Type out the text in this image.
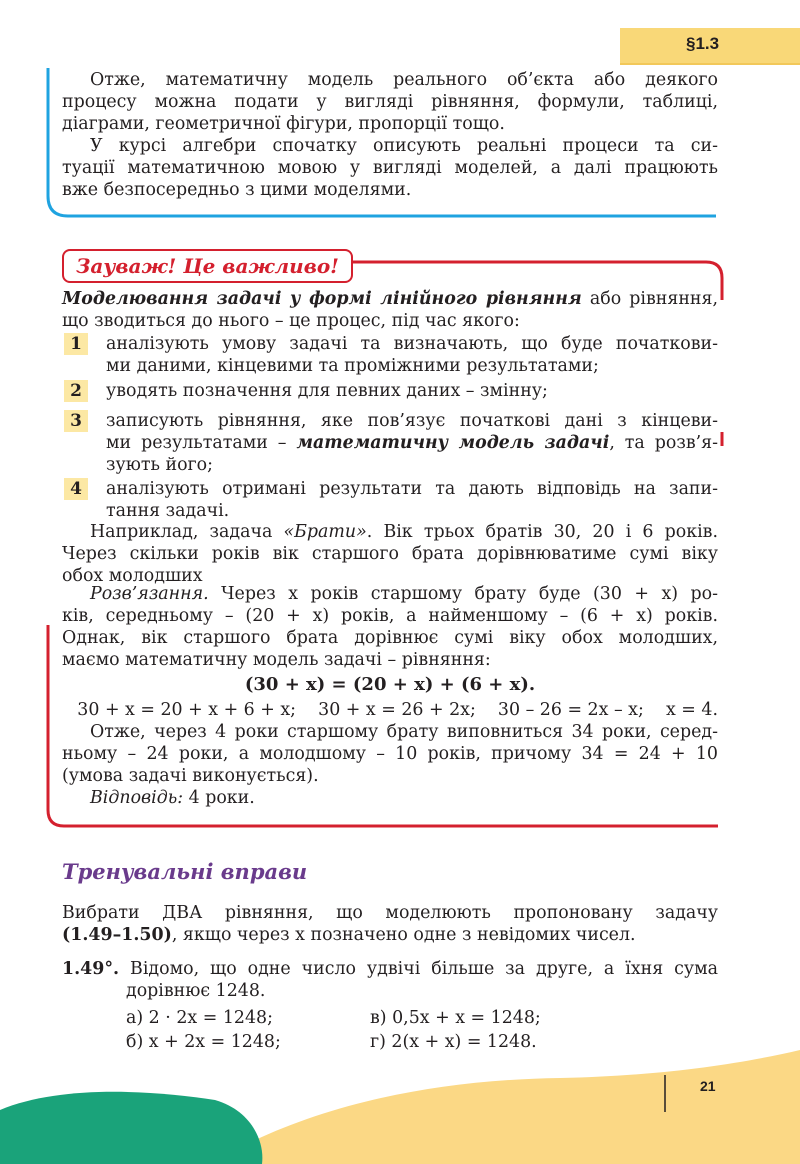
§1.3
Отже, математичну модель реального об’єкта або деякого
процесу можна подати у вигляді рівняння, формули, таблиці,
діаграми, геометричної фігури, пропорції тощо.
У курсі алгебри спочатку описують реальні процеси та си-
туації математичною мовою у вигляді моделей, а далі працюють
вже безпосередньо з цими моделями.
Зауваж! Це важливо!
Моделювання задачі у формі лінійного рівняння або рівняння,
що зводиться до нього – це процес, під час якого:
1	аналізують умову задачі та визначають, що буде початкови-
ми даними, кінцевими та проміжними результатами;
2	уводять позначення для певних даних – змінну;
3	записують рівняння, яке пов’язує початкові дані з кінцеви-
ми результатами – математичну модель задачі, та розв’я-
зують його;
4	аналізують отримані результати та дають відповідь на запи-
тання задачі.
Наприклад, задача «Брати». Вік трьох братів 30, 20 і 6 років.
Через скільки років вік старшого брата дорівнюватиме сумі віку
обох молодших
Розв’язання. Через x років старшому брату буде (30 + x) ро-
ків, середньому – (20 + x) років, а найменшому – (6 + x) років.
Однак, вік старшого брата дорівнює сумі віку обох молодших,
маємо математичну модель задачі – рівняння:
(30 + x) = (20 + x) + (6 + x).
30 + x = 20 + x + 6 + x;    30 + x = 26 + 2x;    30 – 26 = 2x – x;    x = 4.
Отже, через 4 роки старшому брату виповниться 34 роки, серед-
ньому – 24 роки, а молодшому – 10 років, причому 34 = 24 + 10
(умова задачі виконується).
Відповідь: 4 роки.
Тренувальні вправи
Вибрати ДВА рівняння, що моделюють пропоновану задачу
(1.49–1.50), якщо через x позначено одне з невідомих чисел.
1.49°. Відомо, що одне число удвічі більше за друге, а їхня сума
дорівнює 1248.
а) 2 · 2x = 1248;	в) 0,5x + x = 1248;
б) x + 2x = 1248;	г) 2(x + x) = 1248.
21
